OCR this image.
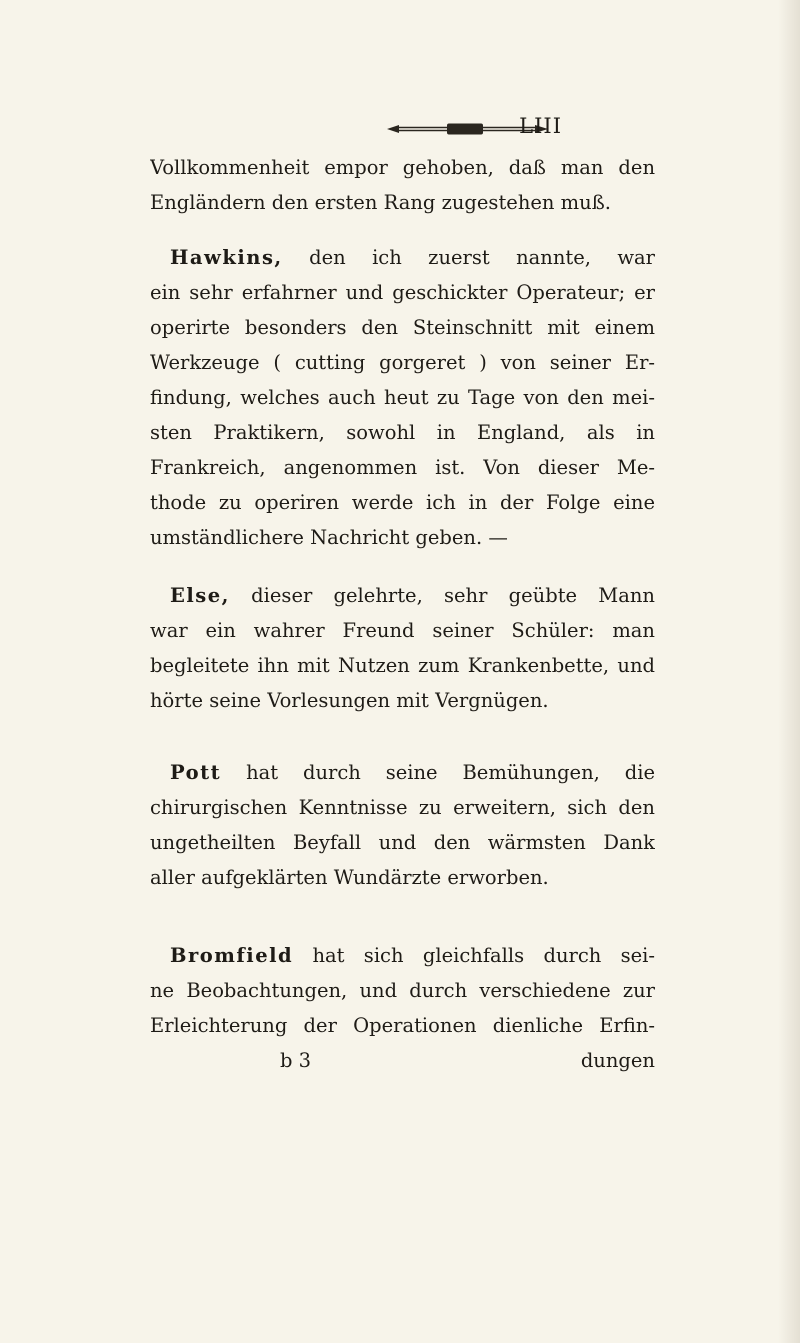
LIII
Vollkommenheit empor gehoben, daß man den
Engländern den ersten Rang zugestehen muß.
Hawkins, den ich zuerst nannte, war
ein sehr erfahrner und geschickter Operateur; er
operirte besonders den Steinschnitt mit einem
Werkzeuge ( cutting gorgeret ) von seiner Er-
findung, welches auch heut zu Tage von den mei-
sten Praktikern, sowohl in England, als in
Frankreich, angenommen ist. Von dieser Me-
thode zu operiren werde ich in der Folge eine
umständlichere Nachricht geben. —
Else, dieser gelehrte, sehr geübte Mann
war ein wahrer Freund seiner Schüler: man
begleitete ihn mit Nutzen zum Krankenbette, und
hörte seine Vorlesungen mit Vergnügen.
Pott hat durch seine Bemühungen, die
chirurgischen Kenntnisse zu erweitern, sich den
ungetheilten Beyfall und den wärmsten Dank
aller aufgeklärten Wundärzte erworben.
Bromfield hat sich gleichfalls durch sei-
ne Beobachtungen, und durch verschiedene zur
Erleichterung der Operationen dienliche Erfin-
b 3	dungen
